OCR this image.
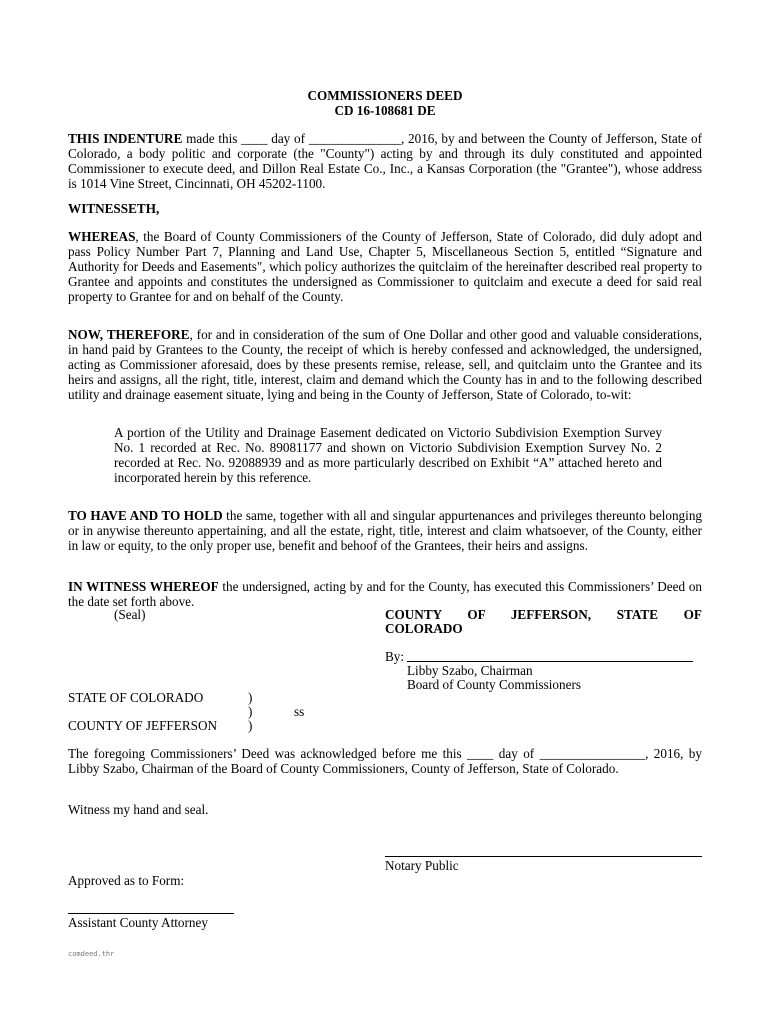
COMMISSIONERS DEED
CD 16-108681 DE

THIS INDENTURE made this ____ day of ______________, 2016, by and between the County of Jefferson, State of Colorado, a body politic and corporate (the "County") acting by and through its duly constituted and appointed Commissioner to execute deed, and Dillon Real Estate Co., Inc., a Kansas Corporation (the "Grantee"), whose address is 1014 Vine Street, Cincinnati, OH 45202-1100.

WITNESSETH,

WHEREAS, the Board of County Commissioners of the County of Jefferson, State of Colorado, did duly adopt and pass Policy Number Part 7, Planning and Land Use, Chapter 5, Miscellaneous Section 5, entitled “Signature and Authority for Deeds and Easements", which policy authorizes the quitclaim of the hereinafter described real property to Grantee and appoints and constitutes the undersigned as Commissioner to quitclaim and execute a deed for said real property to Grantee for and on behalf of the County.

NOW, THEREFORE, for and in consideration of the sum of One Dollar and other good and valuable considerations, in hand paid by Grantees to the County, the receipt of which is hereby confessed and acknowledged, the undersigned, acting as Commissioner aforesaid, does by these presents remise, release, sell, and quitclaim unto the Grantee and its heirs and assigns, all the right, title, interest, claim and demand which the County has in and to the following described utility and drainage easement situate, lying and being in the County of Jefferson, State of Colorado, to-wit:

A portion of the Utility and Drainage Easement dedicated on Victorio Subdivision Exemption Survey No. 1 recorded at Rec. No. 89081177 and shown on Victorio Subdivision Exemption Survey No. 2 recorded at Rec. No. 92088939 and as more particularly described on Exhibit “A” attached hereto and incorporated herein by this reference.

TO HAVE AND TO HOLD the same, together with all and singular appurtenances and privileges thereunto belonging or in anywise thereunto appertaining, and all the estate, right, title, interest and claim whatsoever, of the County, either in law or equity, to the only proper use, benefit and behoof of the Grantees, their heirs and assigns.

IN WITNESS WHEREOF the undersigned, acting by and for the County, has executed this Commissioners’ Deed on the date set forth above.

(Seal)	COUNTY OF JEFFERSON, STATE OF
COLORADO

By:

Libby Szabo, Chairman

Board of County Commissioners

STATE OF COLORADO	)

)	ss

COUNTY OF JEFFERSON )

The foregoing Commissioners’ Deed was acknowledged before me this ____ day of ________________, 2016, by Libby Szabo, Chairman of the Board of County Commissioners, County of Jefferson, State of Colorado.

Witness my hand and seal.

Notary Public

Approved as to Form:

Assistant County Attorney

comdeed.thr
